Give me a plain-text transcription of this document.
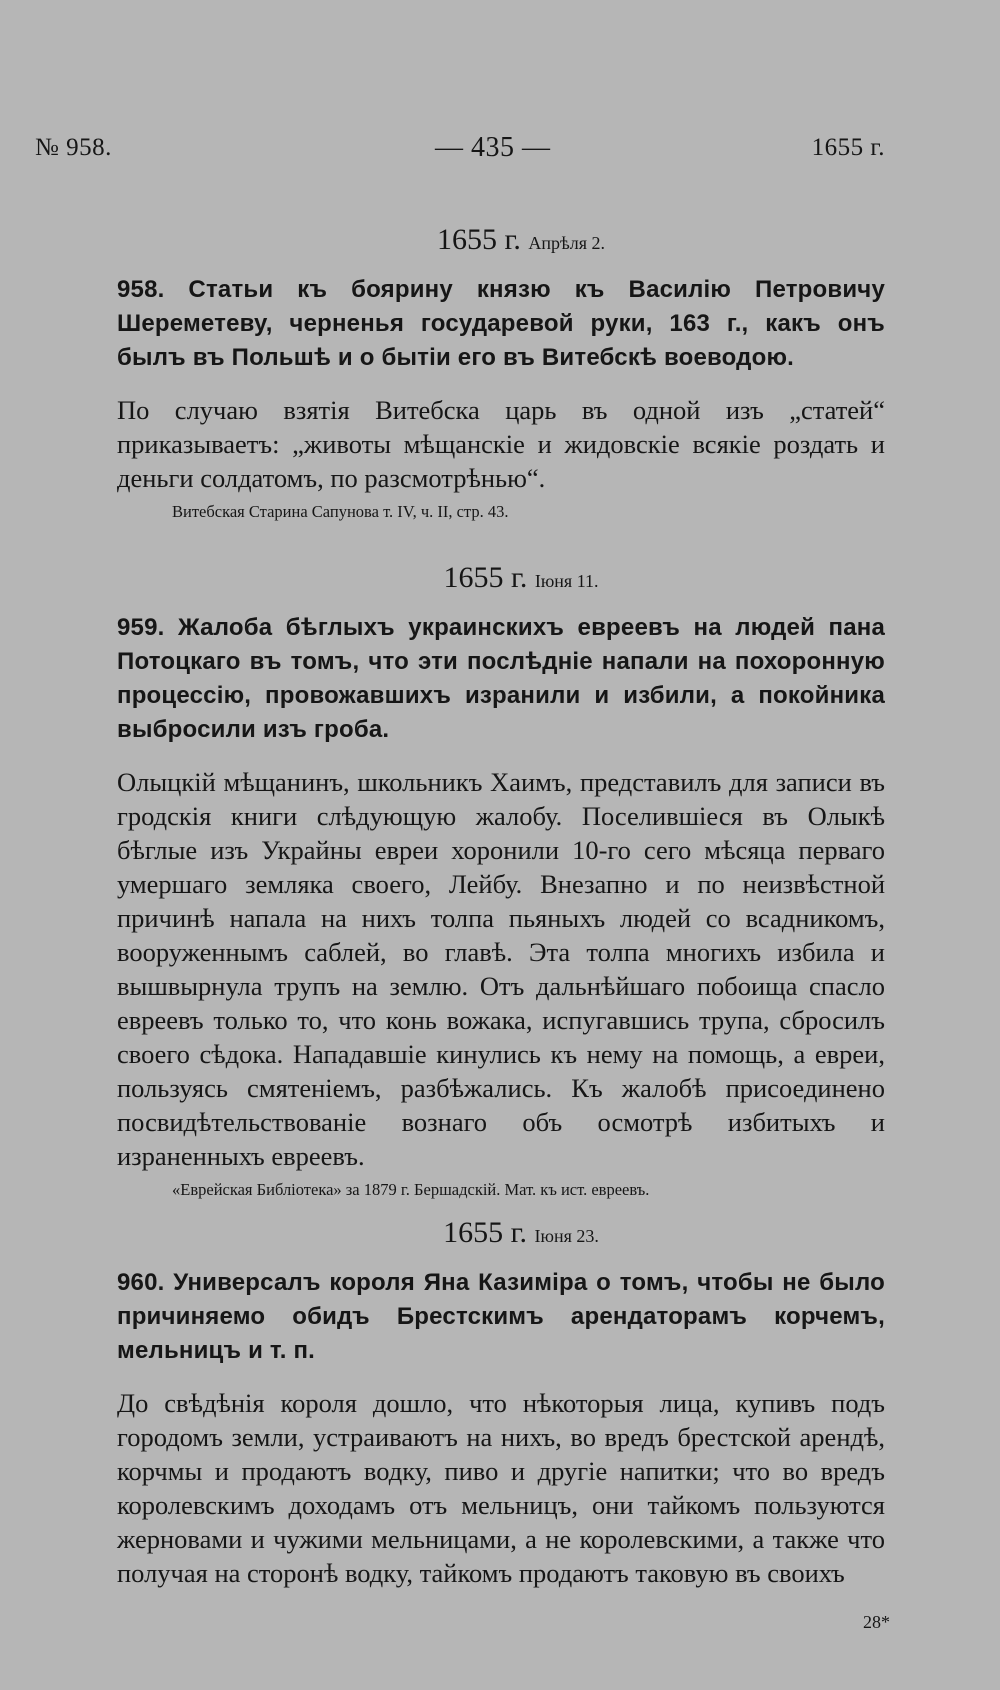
№ 958.	— 435 —	1655 г.
1655 г. Апрѣля 2.
958. Статьи къ боярину князю къ Василію Петровичу Шереметеву, черненья государевой руки, 163 г., какъ онъ былъ въ Польшѣ и о бытіи его въ Витебскѣ воеводою.
По случаю взятія Витебска царь въ одной изъ „статей“ приказываетъ: „животы мѣщанскіе и жидовскіе всякіе роздать и деньги солдатомъ, по разсмотрѣнью“.
Витебская Старина Сапунова т. IV, ч. II, стр. 43.
1655 г. Іюня 11.
959. Жалоба бѣглыхъ украинскихъ евреевъ на людей пана Потоцкаго въ томъ, что эти послѣдніе напали на похоронную процессію, провожавшихъ изранили и избили, а покойника выбросили изъ гроба.
Олыцкій мѣщанинъ, школьникъ Хаимъ, представилъ для записи въ гродскія книги слѣдующую жалобу. Поселившіеся въ Олыкѣ бѣглые изъ Украйны евреи хоронили 10-го сего мѣсяца перваго умершаго земляка своего, Лейбу. Внезапно и по неизвѣстной причинѣ напала на нихъ толпа пьяныхъ людей со всадникомъ, вооруженнымъ саблей, во главѣ. Эта толпа многихъ избила и вышвырнула трупъ на землю. Отъ дальнѣйшаго побоища спасло евреевъ только то, что конь вожака, испугавшись трупа, сбросилъ своего сѣдока. Нападавшіе кинулись къ нему на помощь, а евреи, пользуясь смятеніемъ, разбѣжались. Къ жалобѣ присоединено посвидѣтельствованіе вознаго объ осмотрѣ избитыхъ и израненныхъ евреевъ.
«Еврейская Библіотека» за 1879 г. Бершадскій. Мат. къ ист. евреевъ.
1655 г. Іюня 23.
960. Универсалъ короля Яна Казиміра о томъ, чтобы не было причиняемо обидъ Брестскимъ арендаторамъ корчемъ, мельницъ и т. п.
До свѣдѣнія короля дошло, что нѣкоторыя лица, купивъ подъ городомъ земли, устраиваютъ на нихъ, во вредъ брестской арендѣ, корчмы и продаютъ водку, пиво и другіе напитки; что во вредъ королевскимъ доходамъ отъ мельницъ, они тайкомъ пользуются жерновами и чужими мельницами, а не королевскими, а также что получая на сторонѣ водку, тайкомъ продаютъ таковую въ своихъ
28*
